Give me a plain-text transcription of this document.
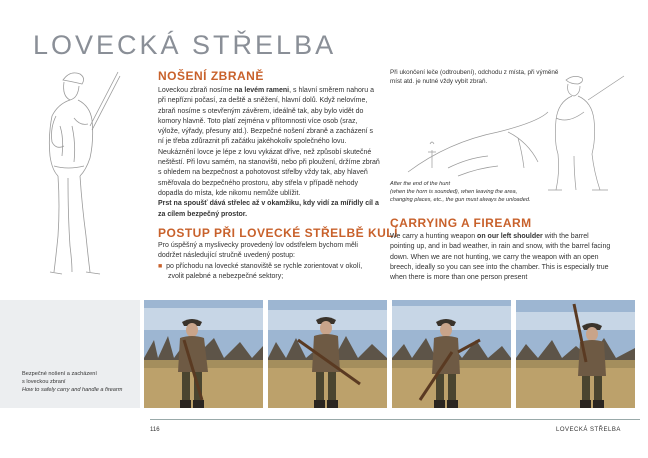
LOVECKÁ STŘELBA
NOŠENÍ ZBRANĚ

Loveckou zbraň nosíme na levém rameni, s hlavní směrem nahoru a při nepřízni počasí, za deště a sněžení, hlavní dolů. Když nelovíme, zbraň nosíme s otevřeným závěrem, ideálně tak, aby bylo vidět do komory hlavně. Toto platí zejména v přítomnosti více osob (sraz, výlože, výřady, přesuny atd.). Bezpečné nošení zbraně a zacházení s ní je třeba zdůraznit při začátku jakéhokoliv společného lovu. Neukáznění lovce je lépe z lovu vykázat dříve, než způsobí skutečné neštěstí. Při lovu samém, na stanovišti, nebo při ploužení, držíme zbraň s ohledem na bezpečnost a pohotovost střelby vždy tak, aby hlaveň směřovala do bezpečného prostoru, aby střela v případě nehody dopadla do místa, kde nikomu nemůže ublížit.

Prst na spoušť dává střelec až v okamžiku, kdy vidí za mířidly cíl a za cílem bezpečný prostor.

POSTUP PŘI LOVECKÉ STŘELBĚ KULÍ

Pro úspěšný a myslivecky provedený lov odstřelem bychom měli dodržet následující stručně uvedený postup:

■ po příchodu na lovecké stanoviště se rychle zorientovat v okolí, zvolit palebné a nebezpečné sektory;

Při ukončení leče (odtroubení), odchodu z místa, při výměně míst atd. je nutné vždy vybít zbraň.
After the end of the hunt
(when the horn is sounded), when leaving the area,
changing places, etc., the gun must always be unloaded.
CARRYING A FIREARM
We carry a hunting weapon on our left shoulder with the barrel pointing up, and in bad weather, in rain and snow, with the barrel facing down. When we are not hunting, we carry the weapon with an open breech, ideally so you can see into the chamber. This is especially true when there is more than one person present
Bezpečné nošení a zacházení
s loveckou zbraní
How to safely carry and handle a firearm
116	LOVECKÁ STŘELBA
